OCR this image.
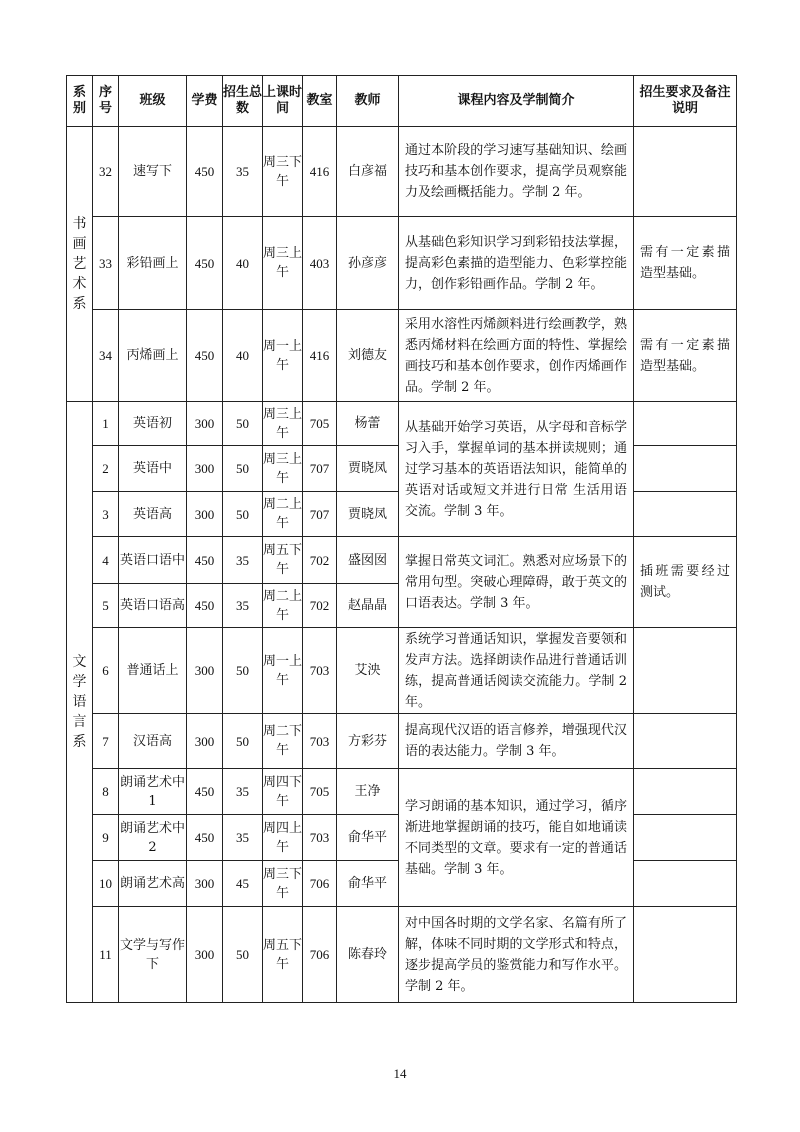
系别	序号	班级	学费	招生总数	上课时间	教室	教师	课程内容及学制简介	招生要求及备注说明
书画艺术系	32	速写下	450	35	周三下午	416	白彦福	通过本阶段的学习速写基础知识、绘画技巧和基本创作要求，提高学员观察能力及绘画概括能力。学制 2 年。	
	33	彩铅画上	450	40	周三上午	403	孙彦彦	从基础色彩知识学习到彩铅技法掌握，提高彩色素描的造型能力、色彩掌控能力，创作彩铅画作品。学制 2 年。	需有一定素描造型基础。
	34	丙烯画上	450	40	周一上午	416	刘德友	采用水溶性丙烯颜料进行绘画教学，熟悉丙烯材料在绘画方面的特性、掌握绘画技巧和基本创作要求，创作丙烯画作品。学制 2 年。	需有一定素描造型基础。
文学语言系	1	英语初	300	50	周三上午	705	杨蕾	从基础开始学习英语，从字母和音标学习入手，掌握单词的基本拼读规则；通过学习基本的英语语法知识，能简单的英语对话或短文并进行日常 生活用语交流。学制 3 年。	
	2	英语中	300	50	周三上午	707	贾晓凤		
	3	英语高	300	50	周二上午	707	贾晓凤		
	4	英语口语中	450	35	周五下午	702	盛囡囡	掌握日常英文词汇。熟悉对应场景下的常用句型。突破心理障碍，敢于英文的口语表达。学制 3 年。	插班需要经过测试。
	5	英语口语高	450	35	周二上午	702	赵晶晶		
	6	普通话上	300	50	周一上午	703	艾泱	系统学习普通话知识，掌握发音要领和发声方法。选择朗读作品进行普通话训练，提高普通话阅读交流能力。学制 2 年。	
	7	汉语高	300	50	周二下午	703	方彩芬	提高现代汉语的语言修养，增强现代汉语的表达能力。学制 3 年。	
	8	朗诵艺术中 1	450	35	周四下午	705	王净	学习朗诵的基本知识，通过学习，循序渐进地掌握朗诵的技巧，能自如地诵读不同类型的文章。要求有一定的普通话基础。学制 3 年。	
	9	朗诵艺术中 2	450	35	周四上午	703	俞华平		
	10	朗诵艺术高	300	45	周三下午	706	俞华平		
	11	文学与写作下	300	50	周五下午	706	陈春玲	对中国各时期的文学名家、名篇有所了解，体味不同时期的文学形式和特点，逐步提高学员的鉴赏能力和写作水平。学制 2 年。	
14
